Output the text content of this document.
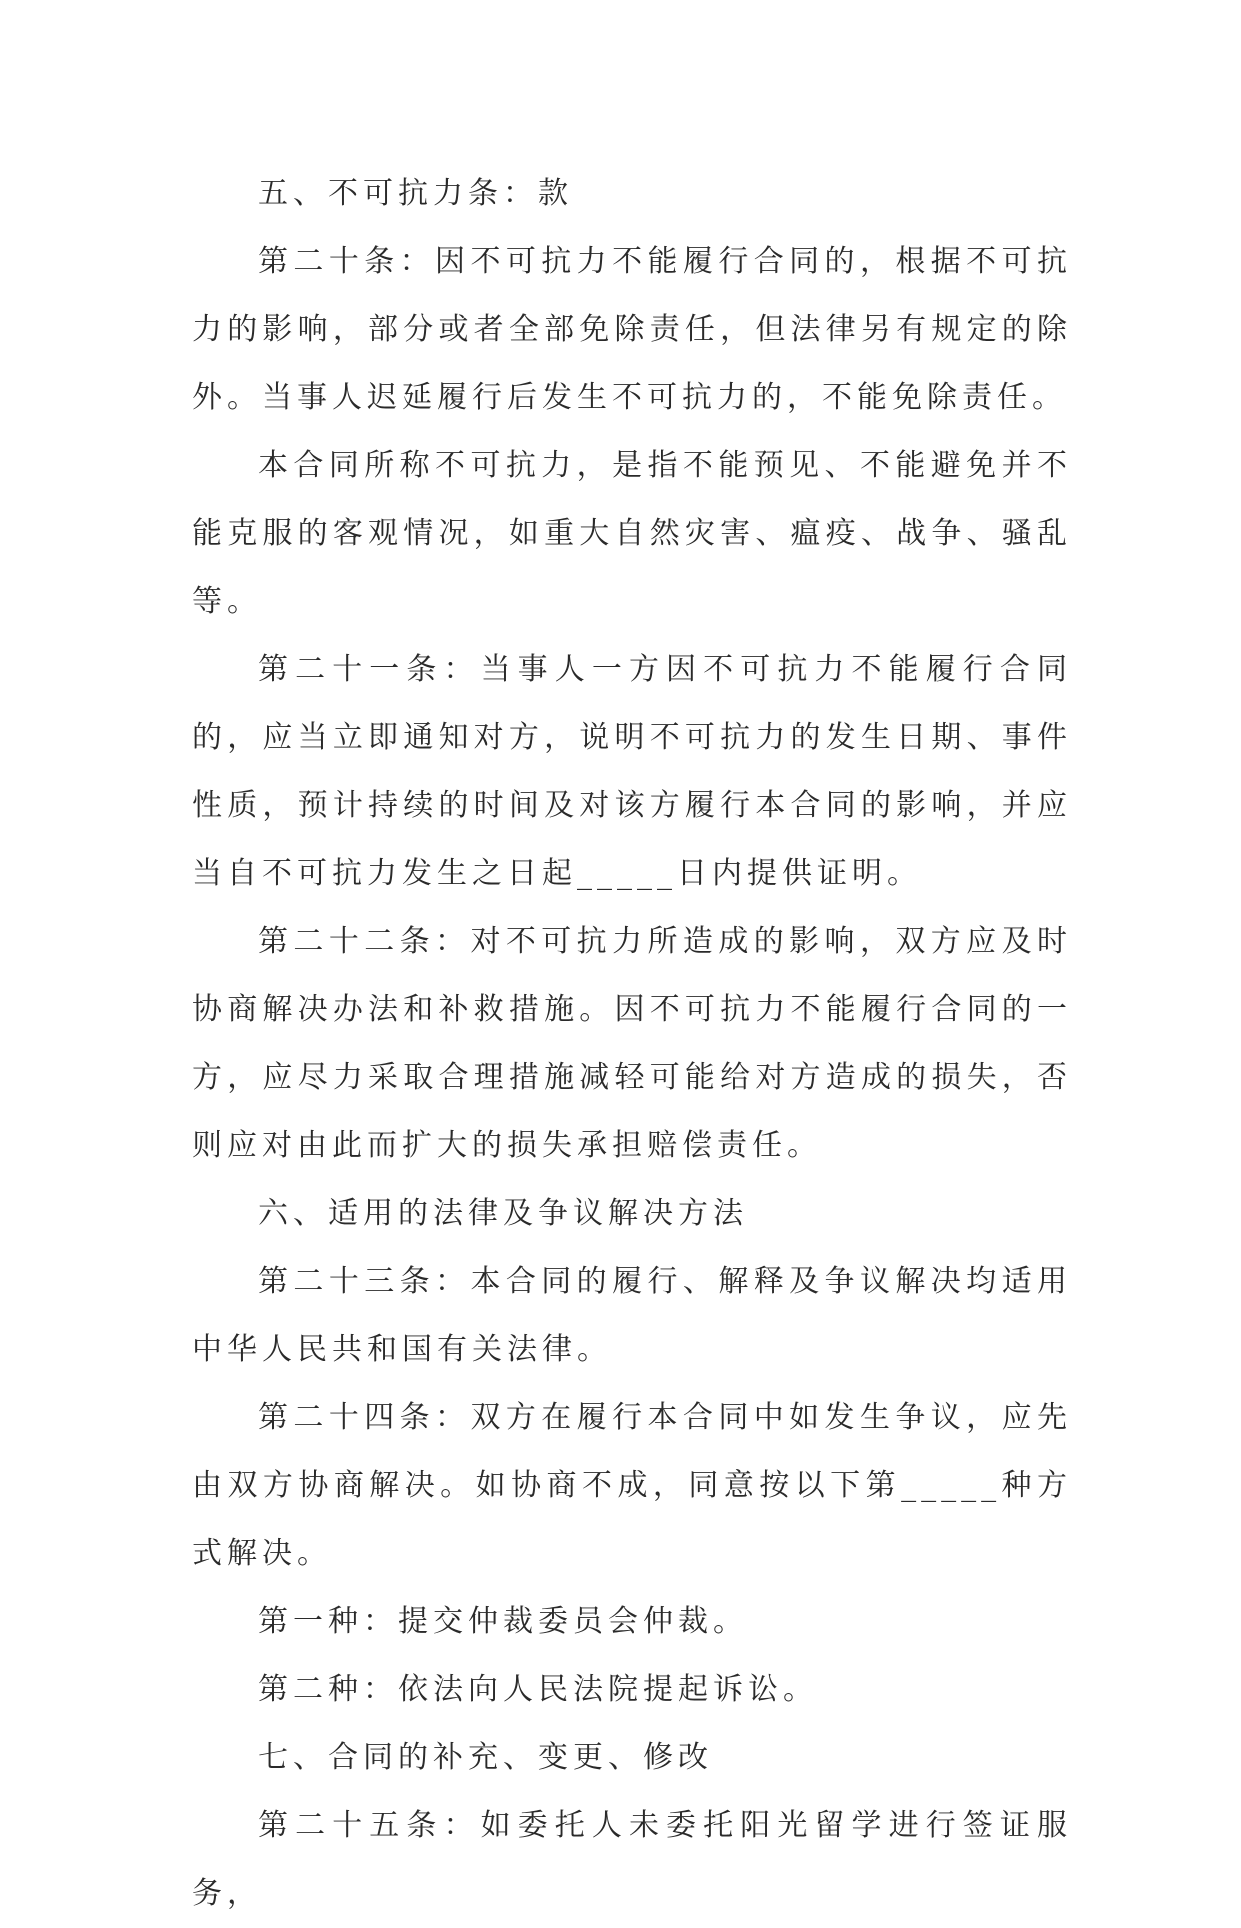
五、不可抗力条：款

第二十条：因不可抗力不能履行合同的，根据不可抗力的影响，部分或者全部免除责任，但法律另有规定的除外。当事人迟延履行后发生不可抗力的，不能免除责任。

本合同所称不可抗力，是指不能预见、不能避免并不能克服的客观情况，如重大自然灾害、瘟疫、战争、骚乱等。

第二十一条：当事人一方因不可抗力不能履行合同的，应当立即通知对方，说明不可抗力的发生日期、事件性质，预计持续的时间及对该方履行本合同的影响，并应当自不可抗力发生之日起_____日内提供证明。

第二十二条：对不可抗力所造成的影响，双方应及时协商解决办法和补救措施。因不可抗力不能履行合同的一方，应尽力采取合理措施减轻可能给对方造成的损失，否则应对由此而扩大的损失承担赔偿责任。

六、适用的法律及争议解决方法

第二十三条：本合同的履行、解释及争议解决均适用中华人民共和国有关法律。

第二十四条：双方在履行本合同中如发生争议，应先由双方协商解决。如协商不成，同意按以下第_____种方式解决。

第一种：提交仲裁委员会仲裁。

第二种：依法向人民法院提起诉讼。

七、合同的补充、变更、修改

第二十五条：如委托人未委托阳光留学进行签证服务，
